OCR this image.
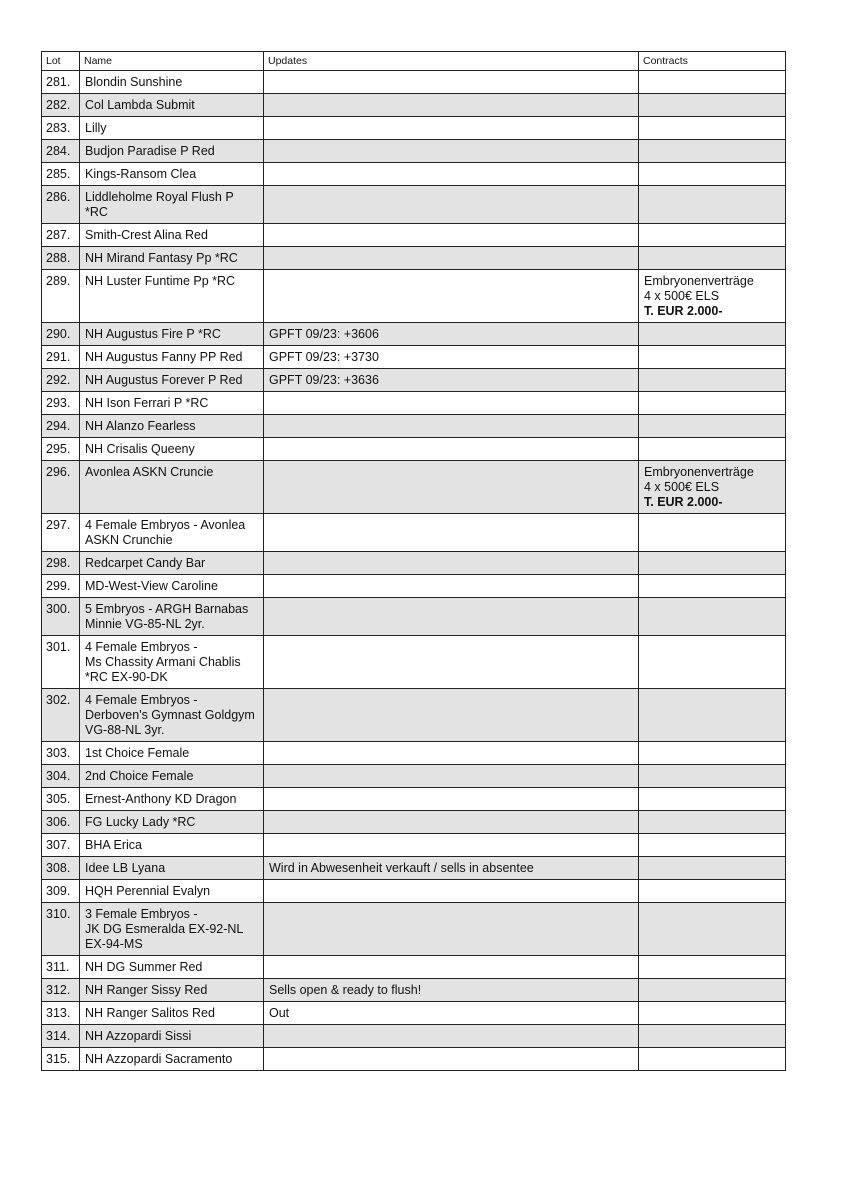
Lot	Name	Updates	Contracts
281.	Blondin Sunshine		
282.	Col Lambda Submit		
283.	Lilly		
284.	Budjon Paradise P Red		
285.	Kings-Ransom Clea		
286.	Liddleholme Royal Flush P *RC		
287.	Smith-Crest Alina Red		
288.	NH Mirand Fantasy Pp *RC		
289.	NH Luster Funtime Pp *RC		Embryonenverträge
4 x 500€ ELS
T. EUR 2.000-

290.	NH Augustus Fire P *RC	GPFT 09/23: +3606	
291.	NH Augustus Fanny PP Red	GPFT 09/23: +3730	
292.	NH Augustus Forever P Red	GPFT 09/23: +3636	
293.	NH Ison Ferrari P *RC		
294.	NH Alanzo Fearless		
295.	NH Crisalis Queeny		
296.	Avonlea ASKN Cruncie		Embryonenverträge
4 x 500€ ELS
T. EUR 2.000-

297.	4 Female Embryos - Avonlea ASKN Crunchie		
298.	Redcarpet Candy Bar		
299.	MD-West-View Caroline		
300.	5 Embryos - ARGH Barnabas Minnie VG-85-NL 2yr.		
301.	4 Female Embryos -
Ms Chassity Armani Chablis *RC EX-90-DK		
302.	4 Female Embryos -
Derboven's Gymnast Goldgym VG-88-NL 3yr.		
303.	1st Choice Female		
304.	2nd Choice Female		
305.	Ernest-Anthony KD Dragon		
306.	FG Lucky Lady *RC		
307.	BHA Erica		
308.	Idee LB Lyana	Wird in Abwesenheit verkauft / sells in absentee	
309.	HQH Perennial Evalyn		
310.	3 Female Embryos -
JK DG Esmeralda EX-92-NL EX-94-MS		
311.	NH DG Summer Red		
312.	NH Ranger Sissy Red	Sells open & ready to flush!	
313.	NH Ranger Salitos Red	Out	
314.	NH Azzopardi Sissi		
315.	NH Azzopardi Sacramento		
